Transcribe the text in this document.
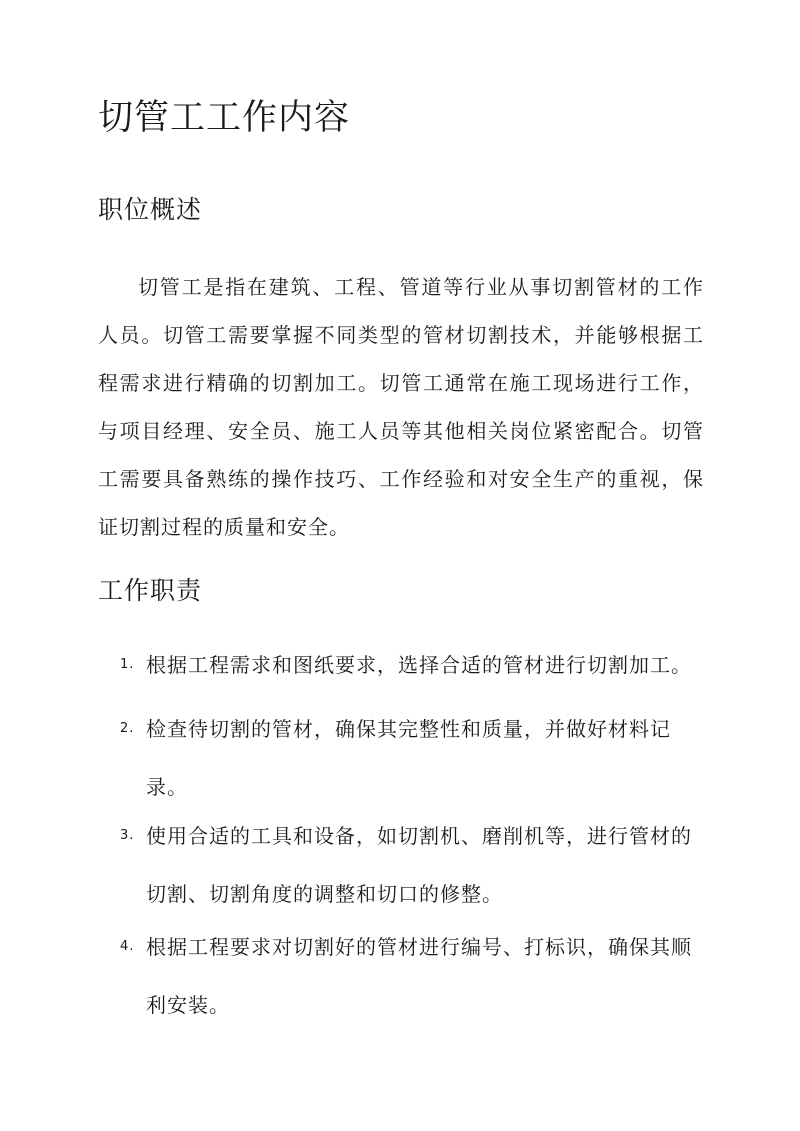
切管工工作内容
职位概述

切管工是指在建筑、工程、管道等行业从事切割管材的工作人员。切管工需要掌握不同类型的管材切割技术，并能够根据工程需求进行精确的切割加工。切管工通常在施工现场进行工作，与项目经理、安全员、施工人员等其他相关岗位紧密配合。切管工需要具备熟练的操作技巧、工作经验和对安全生产的重视，保证切割过程的质量和安全。

工作职责
1. 根据工程需求和图纸要求，选择合适的管材进行切割加工。
2. 检查待切割的管材，确保其完整性和质量，并做好材料记录。
3. 使用合适的工具和设备，如切割机、磨削机等，进行管材的切割、切割角度的调整和切口的修整。
4. 根据工程要求对切割好的管材进行编号、打标识，确保其顺利安装。
